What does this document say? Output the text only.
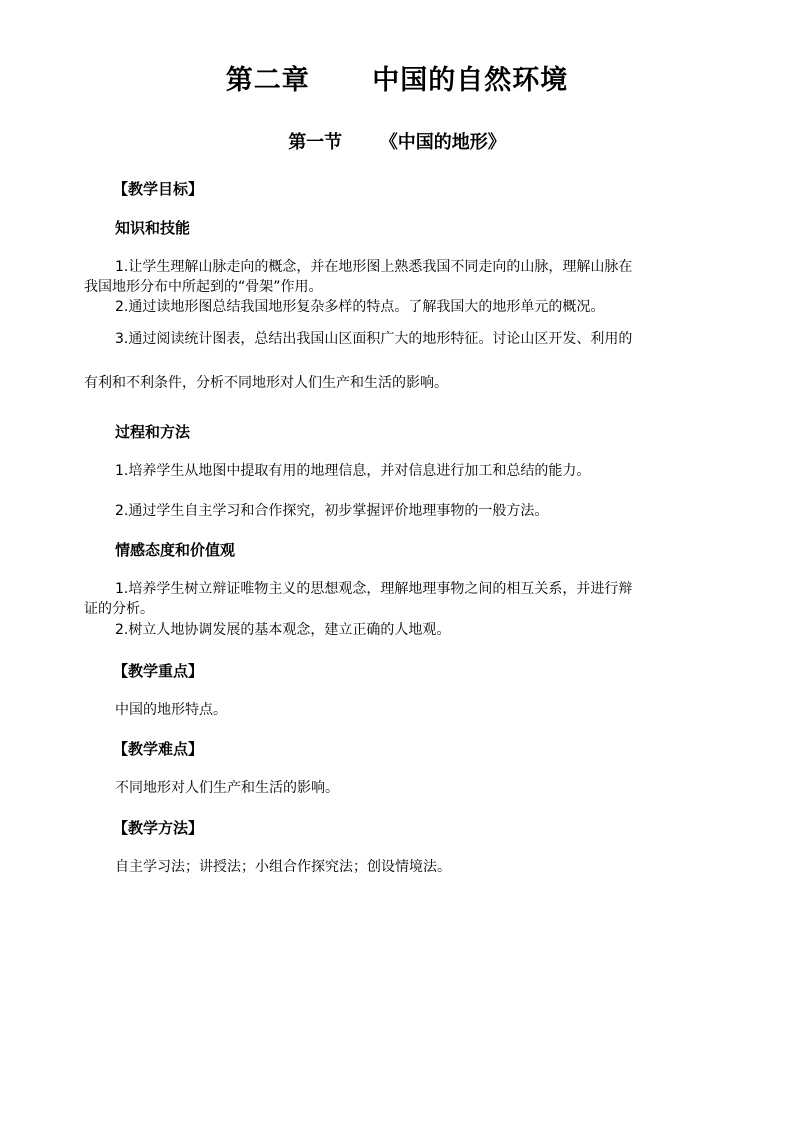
第二章      中国的自然环境
第一节      《中国的地形》
【教学目标】
知识和技能
1.让学生理解山脉走向的概念，并在地形图上熟悉我国不同走向的山脉，理解山脉在
我国地形分布中所起到的“骨架”作用。
2.通过读地形图总结我国地形复杂多样的特点。了解我国大的地形单元的概况。
3.通过阅读统计图表，总结出我国山区面积广大的地形特征。讨论山区开发、利用的
有利和不利条件，分析不同地形对人们生产和生活的影响。
过程和方法
1.培养学生从地图中提取有用的地理信息，并对信息进行加工和总结的能力。
2.通过学生自主学习和合作探究，初步掌握评价地理事物的一般方法。
情感态度和价值观
1.培养学生树立辩证唯物主义的思想观念，理解地理事物之间的相互关系，并进行辩
证的分析。
2.树立人地协调发展的基本观念，建立正确的人地观。
【教学重点】
中国的地形特点。
【教学难点】
不同地形对人们生产和生活的影响。
【教学方法】
自主学习法；讲授法；小组合作探究法；创设情境法。
